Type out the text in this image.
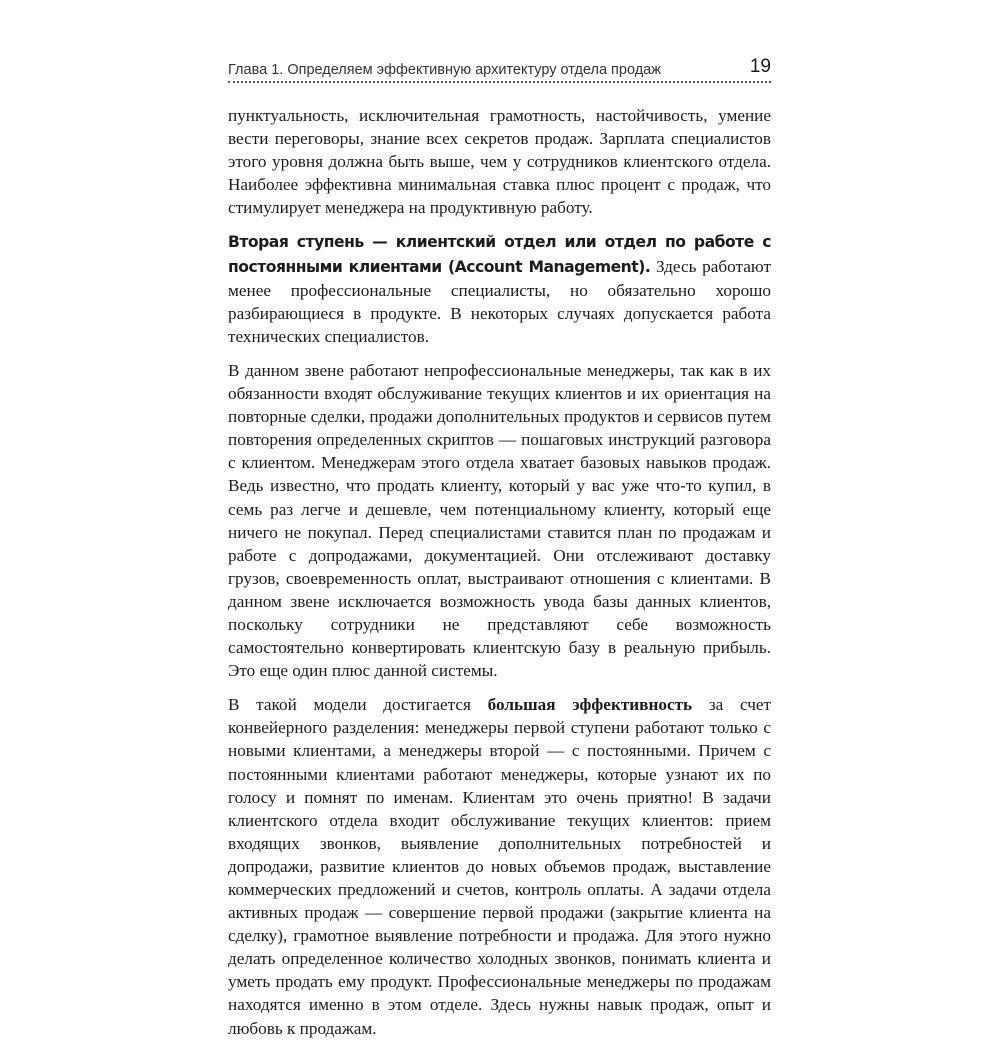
Глава 1. Определяем эффективную архитектуру отдела продаж	19

пунктуальность, исключительная грамотность, настойчивость, умение вести переговоры, знание всех секретов продаж. Зарплата специалистов этого уровня должна быть выше, чем у сотрудников клиентского отдела. Наиболее эффективна минимальная ставка плюс процент с продаж, что стимулирует менеджера на продуктивную работу.

Вторая ступень — клиентский отдел или отдел по работе с постоянными клиентами (Account Management). Здесь работают менее профессиональные специалисты, но обязательно хорошо разбирающиеся в продукте. В некоторых случаях допускается работа технических специалистов.

В данном звене работают непрофессиональные менеджеры, так как в их обязанности входят обслуживание текущих клиентов и их ориентация на повторные сделки, продажи дополнительных продуктов и сервисов путем повторения определенных скриптов — пошаговых инструкций разговора с клиентом. Менеджерам этого отдела хватает базовых навыков продаж. Ведь известно, что продать клиенту, который у вас уже что-то купил, в семь раз легче и дешевле, чем потенциальному клиенту, который еще ничего не покупал. Перед специалистами ставится план по продажам и работе с допродажами, документацией. Они отслеживают доставку грузов, своевременность оплат, выстраивают отношения с клиентами. В данном звене исключается возможность увода базы данных клиентов, поскольку сотрудники не представляют себе возможность самостоятельно конвертировать клиентскую базу в реальную прибыль. Это еще один плюс данной системы.

В такой модели достигается большая эффективность за счет конвейерного разделения: менеджеры первой ступени работают только с новыми клиентами, а менеджеры второй — с постоянными. Причем с постоянными клиентами работают менеджеры, которые узнают их по голосу и помнят по именам. Клиентам это очень приятно! В задачи клиентского отдела входит обслуживание текущих клиентов: прием входящих звонков, выявление дополнительных потребностей и допродажи, развитие клиентов до новых объемов продаж, выставление коммерческих предложений и счетов, контроль оплаты. А задачи отдела активных продаж — совершение первой продажи (закрытие клиента на сделку), грамотное выявление потребности и продажа. Для этого нужно делать определенное количество холодных звонков, понимать клиента и уметь продать ему продукт. Профессиональные менеджеры по продажам находятся именно в этом отделе. Здесь нужны навык продаж, опыт и любовь к продажам.
